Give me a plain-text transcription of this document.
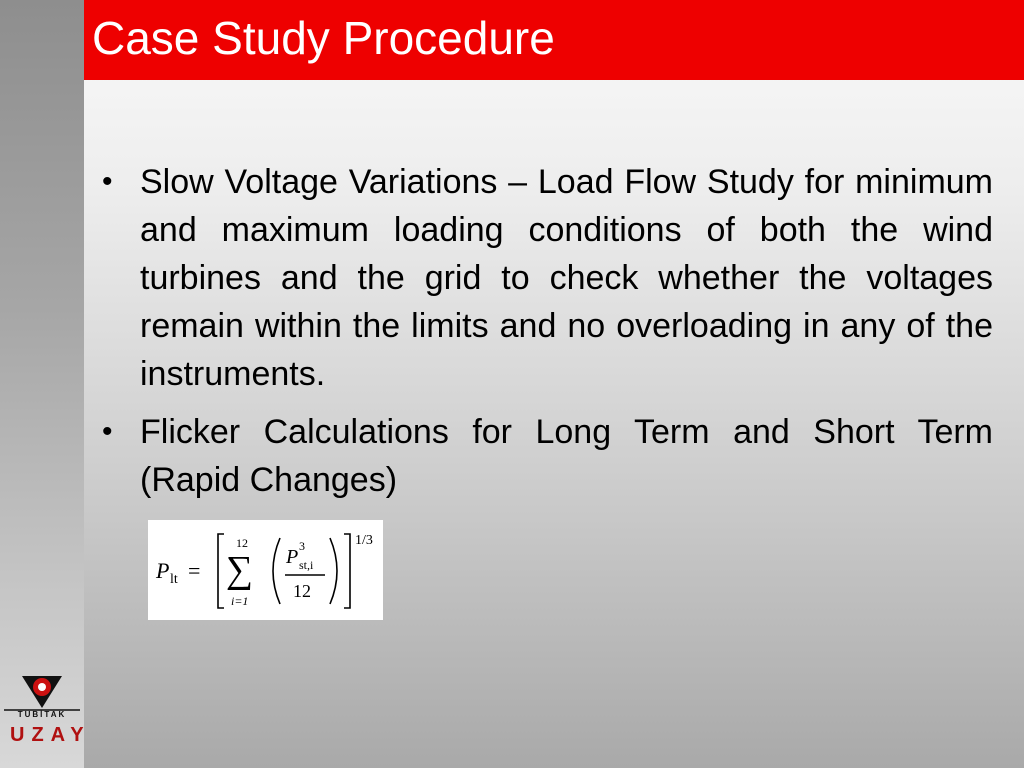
Case Study Procedure
• Slow Voltage Variations – Load Flow Study for minimum and maximum loading conditions of both the wind turbines and the grid to check whether the voltages remain within the limits and no overloading in any of the instruments.
• Flicker Calculations for Long Term and Short Term (Rapid Changes)
P lt =
12
∑
i=1
P 3
st,i
12
1/3
TÜBİTAK
UZAY
